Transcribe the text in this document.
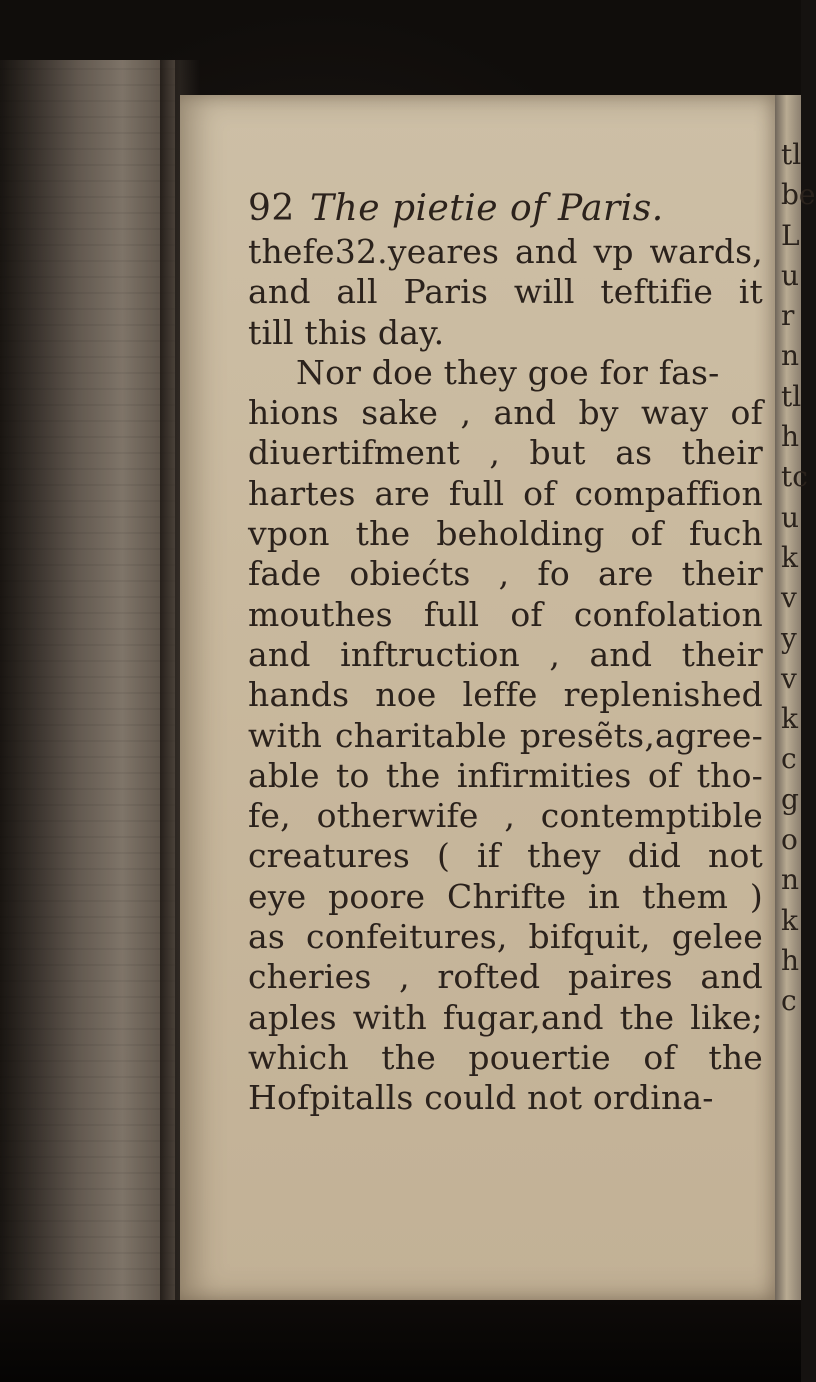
tl
be
L
u
r
n
tl
h
tc
u
k
v
y
v
k
c
g
o
n
k
h
c
92 The pietie of Paris.
thefe32.yeares and vp wards,
and all Paris will teftifie it
till this day.
Nor doe they goe for fas-
hions sake , and by way of
diuertifment , but as their
hartes are full of compaffion
vpon the beholding of fuch
fade obiećts , fo are their
mouthes full of confolation
and inftruction , and their
hands noe leffe replenished
with charitable presẽts,agree-
able to the infirmities of tho-
fe, otherwife , contemptible
creatures ( if they did not
eye poore Chrifte in them )
as confeitures, bifquit, gelee
cheries , rofted paires and
aples with fugar,and the like;
which the pouertie of the
Hofpitalls could not ordina-
